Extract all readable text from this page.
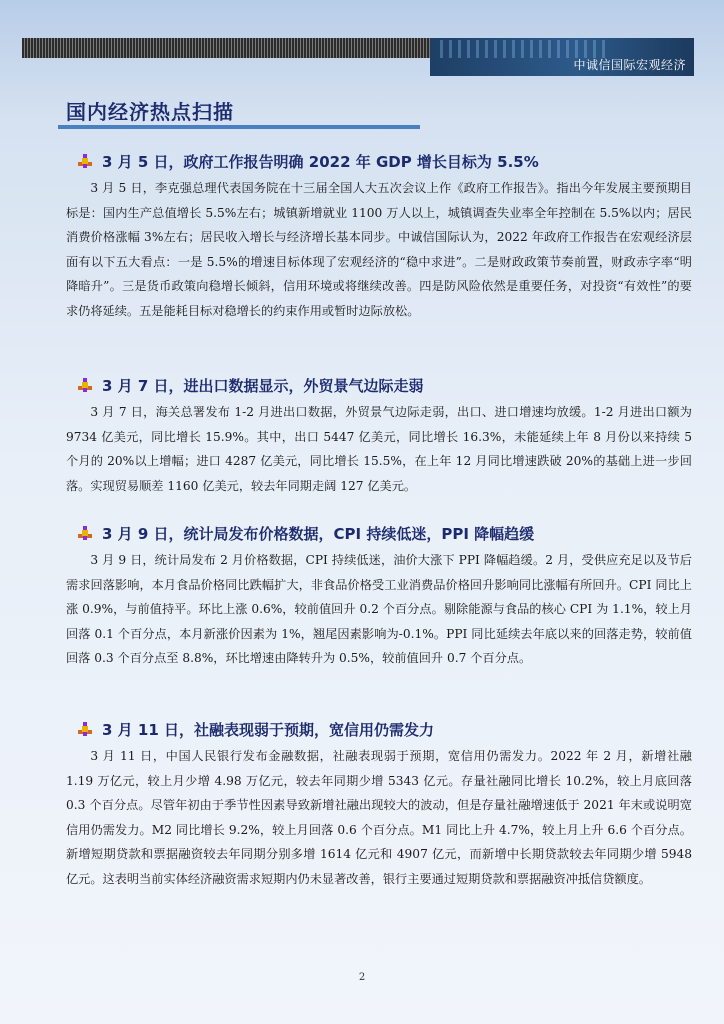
中诚信国际宏观经济
国内经济热点扫描
3 月 5 日，政府工作报告明确 2022 年 GDP 增长目标为 5.5%
3 月 5 日，李克强总理代表国务院在十三届全国人大五次会议上作《政府工作报告》。指出今年发展主要预期目标是：国内生产总值增长 5.5%左右；城镇新增就业 1100 万人以上，城镇调查失业率全年控制在 5.5%以内；居民消费价格涨幅 3%左右；居民收入增长与经济增长基本同步。中诚信国际认为，2022 年政府工作报告在宏观经济层面有以下五大看点：一是 5.5%的增速目标体现了宏观经济的“稳中求进”。二是财政政策节奏前置，财政赤字率“明降暗升”。三是货币政策向稳增长倾斜，信用环境或将继续改善。四是防风险依然是重要任务，对投资“有效性”的要求仍将延续。五是能耗目标对稳增长的约束作用或暂时边际放松。
3 月 7 日，进出口数据显示，外贸景气边际走弱
3 月 7 日，海关总署发布 1-2 月进出口数据，外贸景气边际走弱，出口、进口增速均放缓。1-2 月进出口额为 9734 亿美元，同比增长 15.9%。其中，出口 5447 亿美元，同比增长 16.3%，未能延续上年 8 月份以来持续 5 个月的 20%以上增幅；进口 4287 亿美元，同比增长 15.5%，在上年 12 月同比增速跌破 20%的基础上进一步回落。实现贸易顺差 1160 亿美元，较去年同期走阔 127 亿美元。
3 月 9 日，统计局发布价格数据，CPI 持续低迷，PPI 降幅趋缓
3 月 9 日，统计局发布 2 月价格数据，CPI 持续低迷，油价大涨下 PPI 降幅趋缓。2 月，受供应充足以及节后需求回落影响，本月食品价格同比跌幅扩大，非食品价格受工业消费品价格回升影响同比涨幅有所回升。CPI 同比上涨 0.9%，与前值持平。环比上涨 0.6%，较前值回升 0.2 个百分点。剔除能源与食品的核心 CPI 为 1.1%，较上月回落 0.1 个百分点，本月新涨价因素为 1%，翘尾因素影响为-0.1%。PPI 同比延续去年底以来的回落走势，较前值回落 0.3 个百分点至 8.8%，环比增速由降转升为 0.5%，较前值回升 0.7 个百分点。
3 月 11 日，社融表现弱于预期，宽信用仍需发力
3 月 11 日，中国人民银行发布金融数据，社融表现弱于预期，宽信用仍需发力。2022 年 2 月，新增社融 1.19 万亿元，较上月少增 4.98 万亿元，较去年同期少增 5343 亿元。存量社融同比增长 10.2%，较上月底回落 0.3 个百分点。尽管年初由于季节性因素导致新增社融出现较大的波动，但是存量社融增速低于 2021 年末或说明宽信用仍需发力。M2 同比增长 9.2%，较上月回落 0.6 个百分点。M1 同比上升 4.7%，较上月上升 6.6 个百分点。新增短期贷款和票据融资较去年同期分别多增 1614 亿元和 4907 亿元，而新增中长期贷款较去年同期少增 5948 亿元。这表明当前实体经济融资需求短期内仍未显著改善，银行主要通过短期贷款和票据融资冲抵信贷额度。
2
